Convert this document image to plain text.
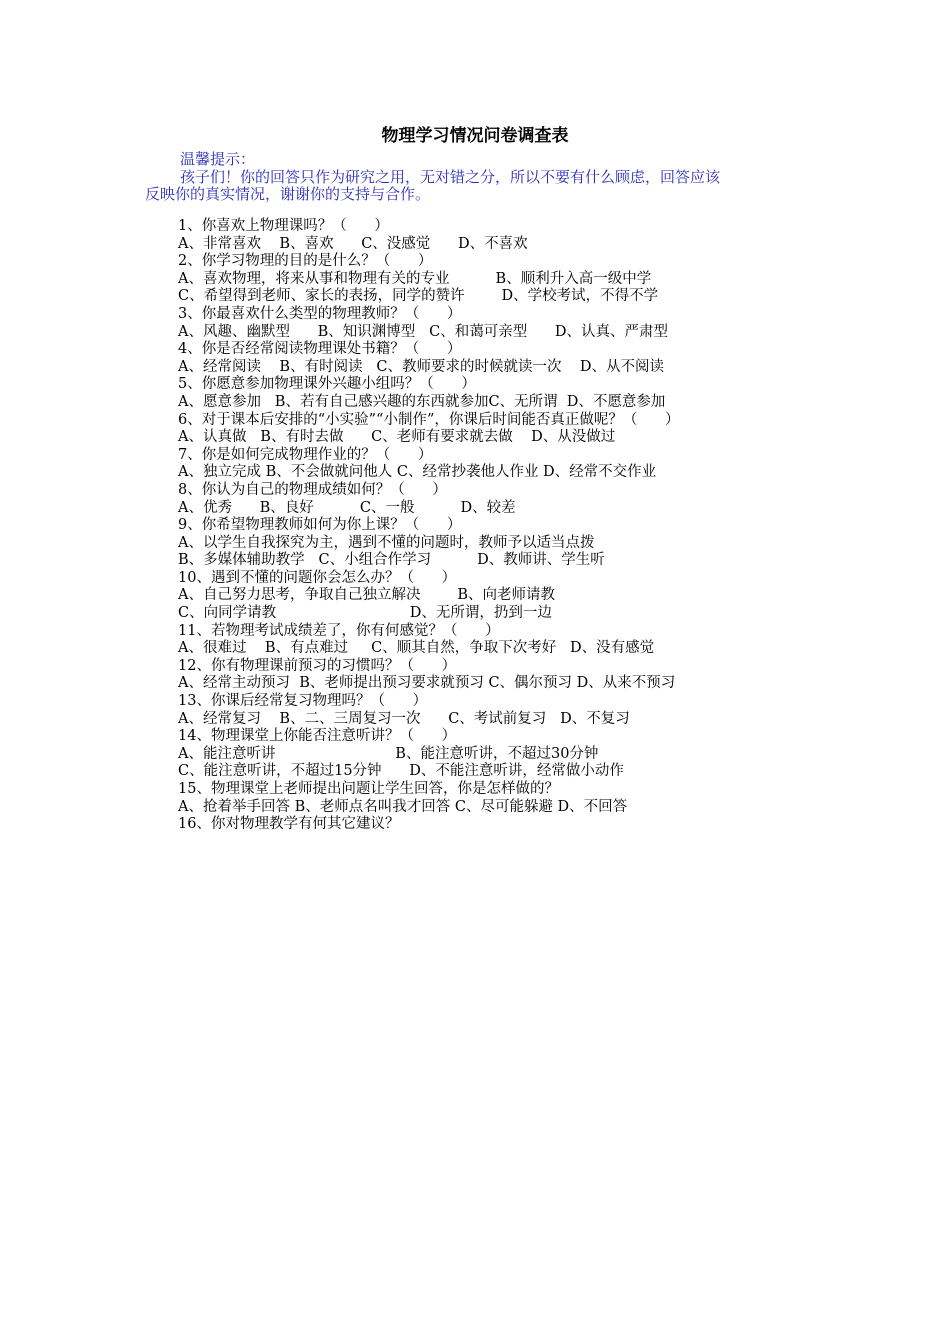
物理学习情况问卷调查表
温馨提示：
孩子们！你的回答只作为研究之用，无对错之分，所以不要有什么顾虑，回答应该
反映你的真实情况，谢谢你的支持与合作。
1、你喜欢上物理课吗？（      ）
A、非常喜欢    B、喜欢      C、没感觉      D、不喜欢
2、你学习物理的目的是什么？（      ）
A、喜欢物理，将来从事和物理有关的专业          B、顺利升入高一级中学
C、希望得到老师、家长的表扬，同学的赞许        D、学校考试，不得不学
3、你最喜欢什么类型的物理教师？（      ）
A、风趣、幽默型      B、知识渊博型   C、和蔼可亲型      D、认真、严肃型
4、你是否经常阅读物理课处书籍？（      ）
A、经常阅读    B、有时阅读   C、教师要求的时候就读一次    D、从不阅读
5、你愿意参加物理课外兴趣小组吗？（      ）
A、愿意参加   B、若有自己感兴趣的东西就参加C、无所谓  D、不愿意参加
6、对于课本后安排的“小实验”“小制作”，你课后时间能否真正做呢？（      ）
A、认真做   B、有时去做      C、老师有要求就去做    D、从没做过
7、你是如何完成物理作业的？（      ）
A、独立完成 B、不会做就问他人 C、经常抄袭他人作业 D、经常不交作业
8、你认为自己的物理成绩如何？（      ）
A、优秀      B、良好          C、一般          D、较差
9、你希望物理教师如何为你上课？（      ）
A、以学生自我探究为主，遇到不懂的问题时，教师予以适当点拨
B、多媒体辅助教学   C、小组合作学习          D、教师讲、学生听
10、遇到不懂的问题你会怎么办？（      ）
A、自己努力思考，争取自己独立解决        B、向老师请教
C、向同学请教                             D、无所谓，扔到一边
11、若物理考试成绩差了，你有何感觉？（      ）
A、很难过    B、有点难过     C、顺其自然，争取下次考好   D、没有感觉
12、你有物理课前预习的习惯吗？（      ）
A、经常主动预习  B、老师提出预习要求就预习 C、偶尔预习 D、从来不预习
13、你课后经常复习物理吗？（      ）
A、经常复习    B、二、三周复习一次      C、考试前复习   D、不复习
14、物理课堂上你能否注意听讲？（      ）
A、能注意听讲                          B、能注意听讲，不超过30分钟
C、能注意听讲，不超过15分钟      D、不能注意听讲，经常做小动作
15、物理课堂上老师提出问题让学生回答，你是怎样做的？
A、抢着举手回答 B、老师点名叫我才回答 C、尽可能躲避 D、不回答
16、你对物理教学有何其它建议？
